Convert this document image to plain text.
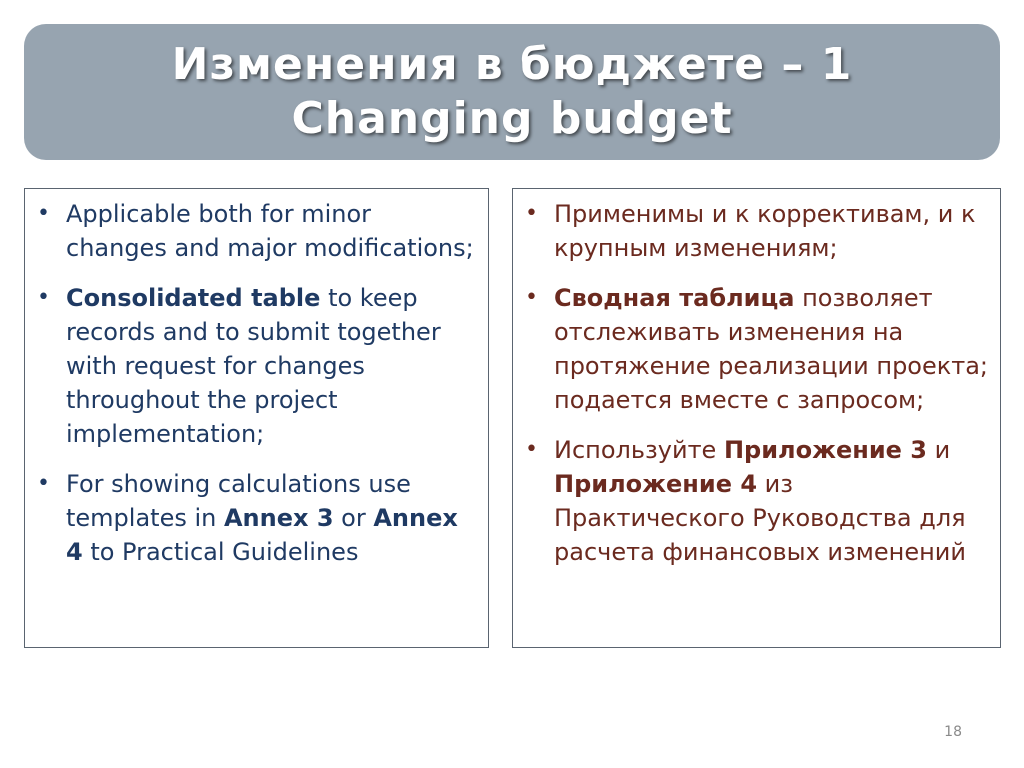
Изменения в бюджете – 1
Changing budget
• Applicable both for minor changes and major modifications;
• Consolidated table to keep records and to submit together with request for changes throughout the project implementation;
• For showing calculations use templates in Annex 3 or Annex 4 to Practical Guidelines
• Применимы и к коррективам, и к крупным изменениям;
• Сводная таблица позволяет отслеживать изменения на протяжение реализации проекта; подается вместе с запросом;
• Используйте Приложение 3 и Приложение 4 из Практического Руководства для расчета финансовых изменений
18
